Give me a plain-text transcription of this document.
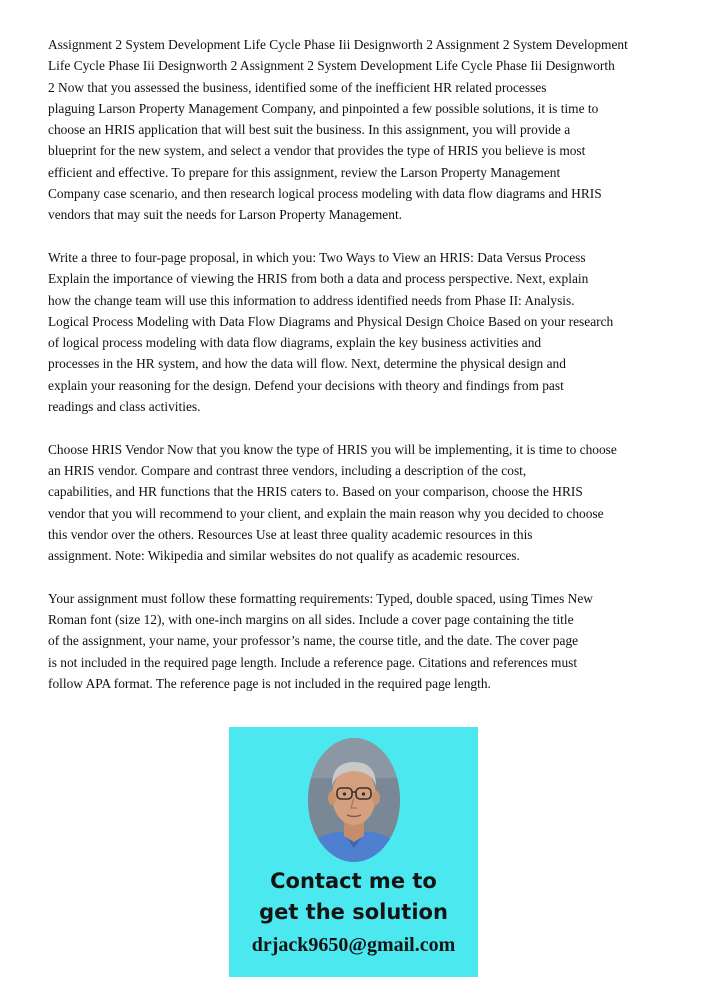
Assignment 2 System Development Life Cycle Phase Iii Designworth 2 Assignment 2 System Development
Life Cycle Phase Iii Designworth 2 Assignment 2 System Development Life Cycle Phase Iii Designworth
2 Now that you assessed the business, identified some of the inefficient HR related processes
plaguing Larson Property Management Company, and pinpointed a few possible solutions, it is time to
choose an HRIS application that will best suit the business. In this assignment, you will provide a
blueprint for the new system, and select a vendor that provides the type of HRIS you believe is most
efficient and effective. To prepare for this assignment, review the Larson Property Management
Company case scenario, and then research logical process modeling with data flow diagrams and HRIS
vendors that may suit the needs for Larson Property Management.
Write a three to four-page proposal, in which you: Two Ways to View an HRIS: Data Versus Process
Explain the importance of viewing the HRIS from both a data and process perspective. Next, explain
how the change team will use this information to address identified needs from Phase II: Analysis.
Logical Process Modeling with Data Flow Diagrams and Physical Design Choice Based on your research
of logical process modeling with data flow diagrams, explain the key business activities and
processes in the HR system, and how the data will flow. Next, determine the physical design and
explain your reasoning for the design. Defend your decisions with theory and findings from past
readings and class activities.
Choose HRIS Vendor Now that you know the type of HRIS you will be implementing, it is time to choose
an HRIS vendor. Compare and contrast three vendors, including a description of the cost,
capabilities, and HR functions that the HRIS caters to. Based on your comparison, choose the HRIS
vendor that you will recommend to your client, and explain the main reason why you decided to choose
this vendor over the others. Resources Use at least three quality academic resources in this
assignment. Note: Wikipedia and similar websites do not qualify as academic resources.
Your assignment must follow these formatting requirements: Typed, double spaced, using Times New
Roman font (size 12), with one-inch margins on all sides. Include a cover page containing the title
of the assignment, your name, your professor’s name, the course title, and the date. The cover page
is not included in the required page length. Include a reference page. Citations and references must
follow APA format. The reference page is not included in the required page length.
Contact me to
get the solution
drjack9650@gmail.com
